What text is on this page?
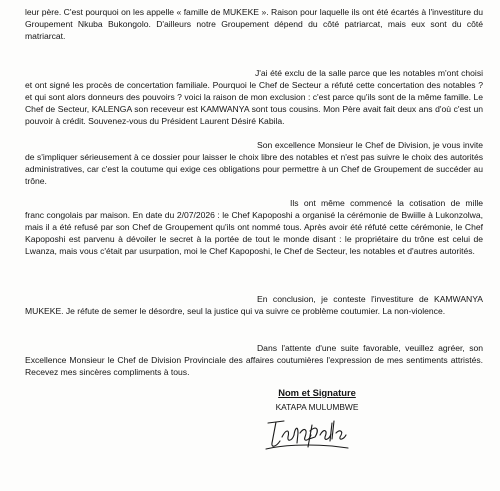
leur père. C'est pourquoi on les appelle « famille de MUKEKE ». Raison pour laquelle ils ont été écartés à l'investiture du Groupement Nkuba Bukongolo. D'ailleurs notre Groupement dépend du côté patriarcat, mais eux sont du côté matriarcat.

J'ai été exclu de la salle parce que les notables m'ont choisi et ont signé les procès de concertation familiale. Pourquoi le Chef de Secteur a réfuté cette concertation des notables ? et qui sont alors donneurs des pouvoirs ? voici la raison de mon exclusion : c'est parce qu'ils sont de la même famille. Le Chef de Secteur, KALENGA son receveur est KAMWANYA sont tous cousins. Mon Père avait fait deux ans d'où c'est un pouvoir à crédit. Souvenez-vous du Président Laurent Désiré Kabila.

Son excellence Monsieur le Chef de Division, je vous invite de s'impliquer sérieusement à ce dossier pour laisser le choix libre des notables et n'est pas suivre le choix des autorités administratives, car c'est la coutume qui exige ces obligations pour permettre à un Chef de Groupement de succéder au trône.

Ils ont même commencé la cotisation de mille franc congolais par maison. En date du 2/07/2026 : le Chef Kapoposhi a organisé la cérémonie de Bwiille à Lukonzolwa, mais il a été refusé par son Chef de Groupement qu'ils ont nommé tous. Après avoir été réfuté cette cérémonie, le Chef Kapoposhi est parvenu à dévoiler le secret à la portée de tout le monde disant : le propriétaire du trône est celui de Lwanza, mais vous c'était par usurpation, moi le Chef Kapoposhi, le Chef de Secteur, les notables et d'autres autorités.

En conclusion, je conteste l'investiture de KAMWANYA MUKEKE. Je réfute de semer le désordre, seul la justice qui va suivre ce problème coutumier. La non-violence.

Dans l'attente d'une suite favorable, veuillez agréer, son Excellence Monsieur le Chef de Division Provinciale des affaires coutumières l'expression de mes sentiments attristés. Recevez mes sincères compliments à tous.

Nom et Signature
KATAPA MULUMBWE
